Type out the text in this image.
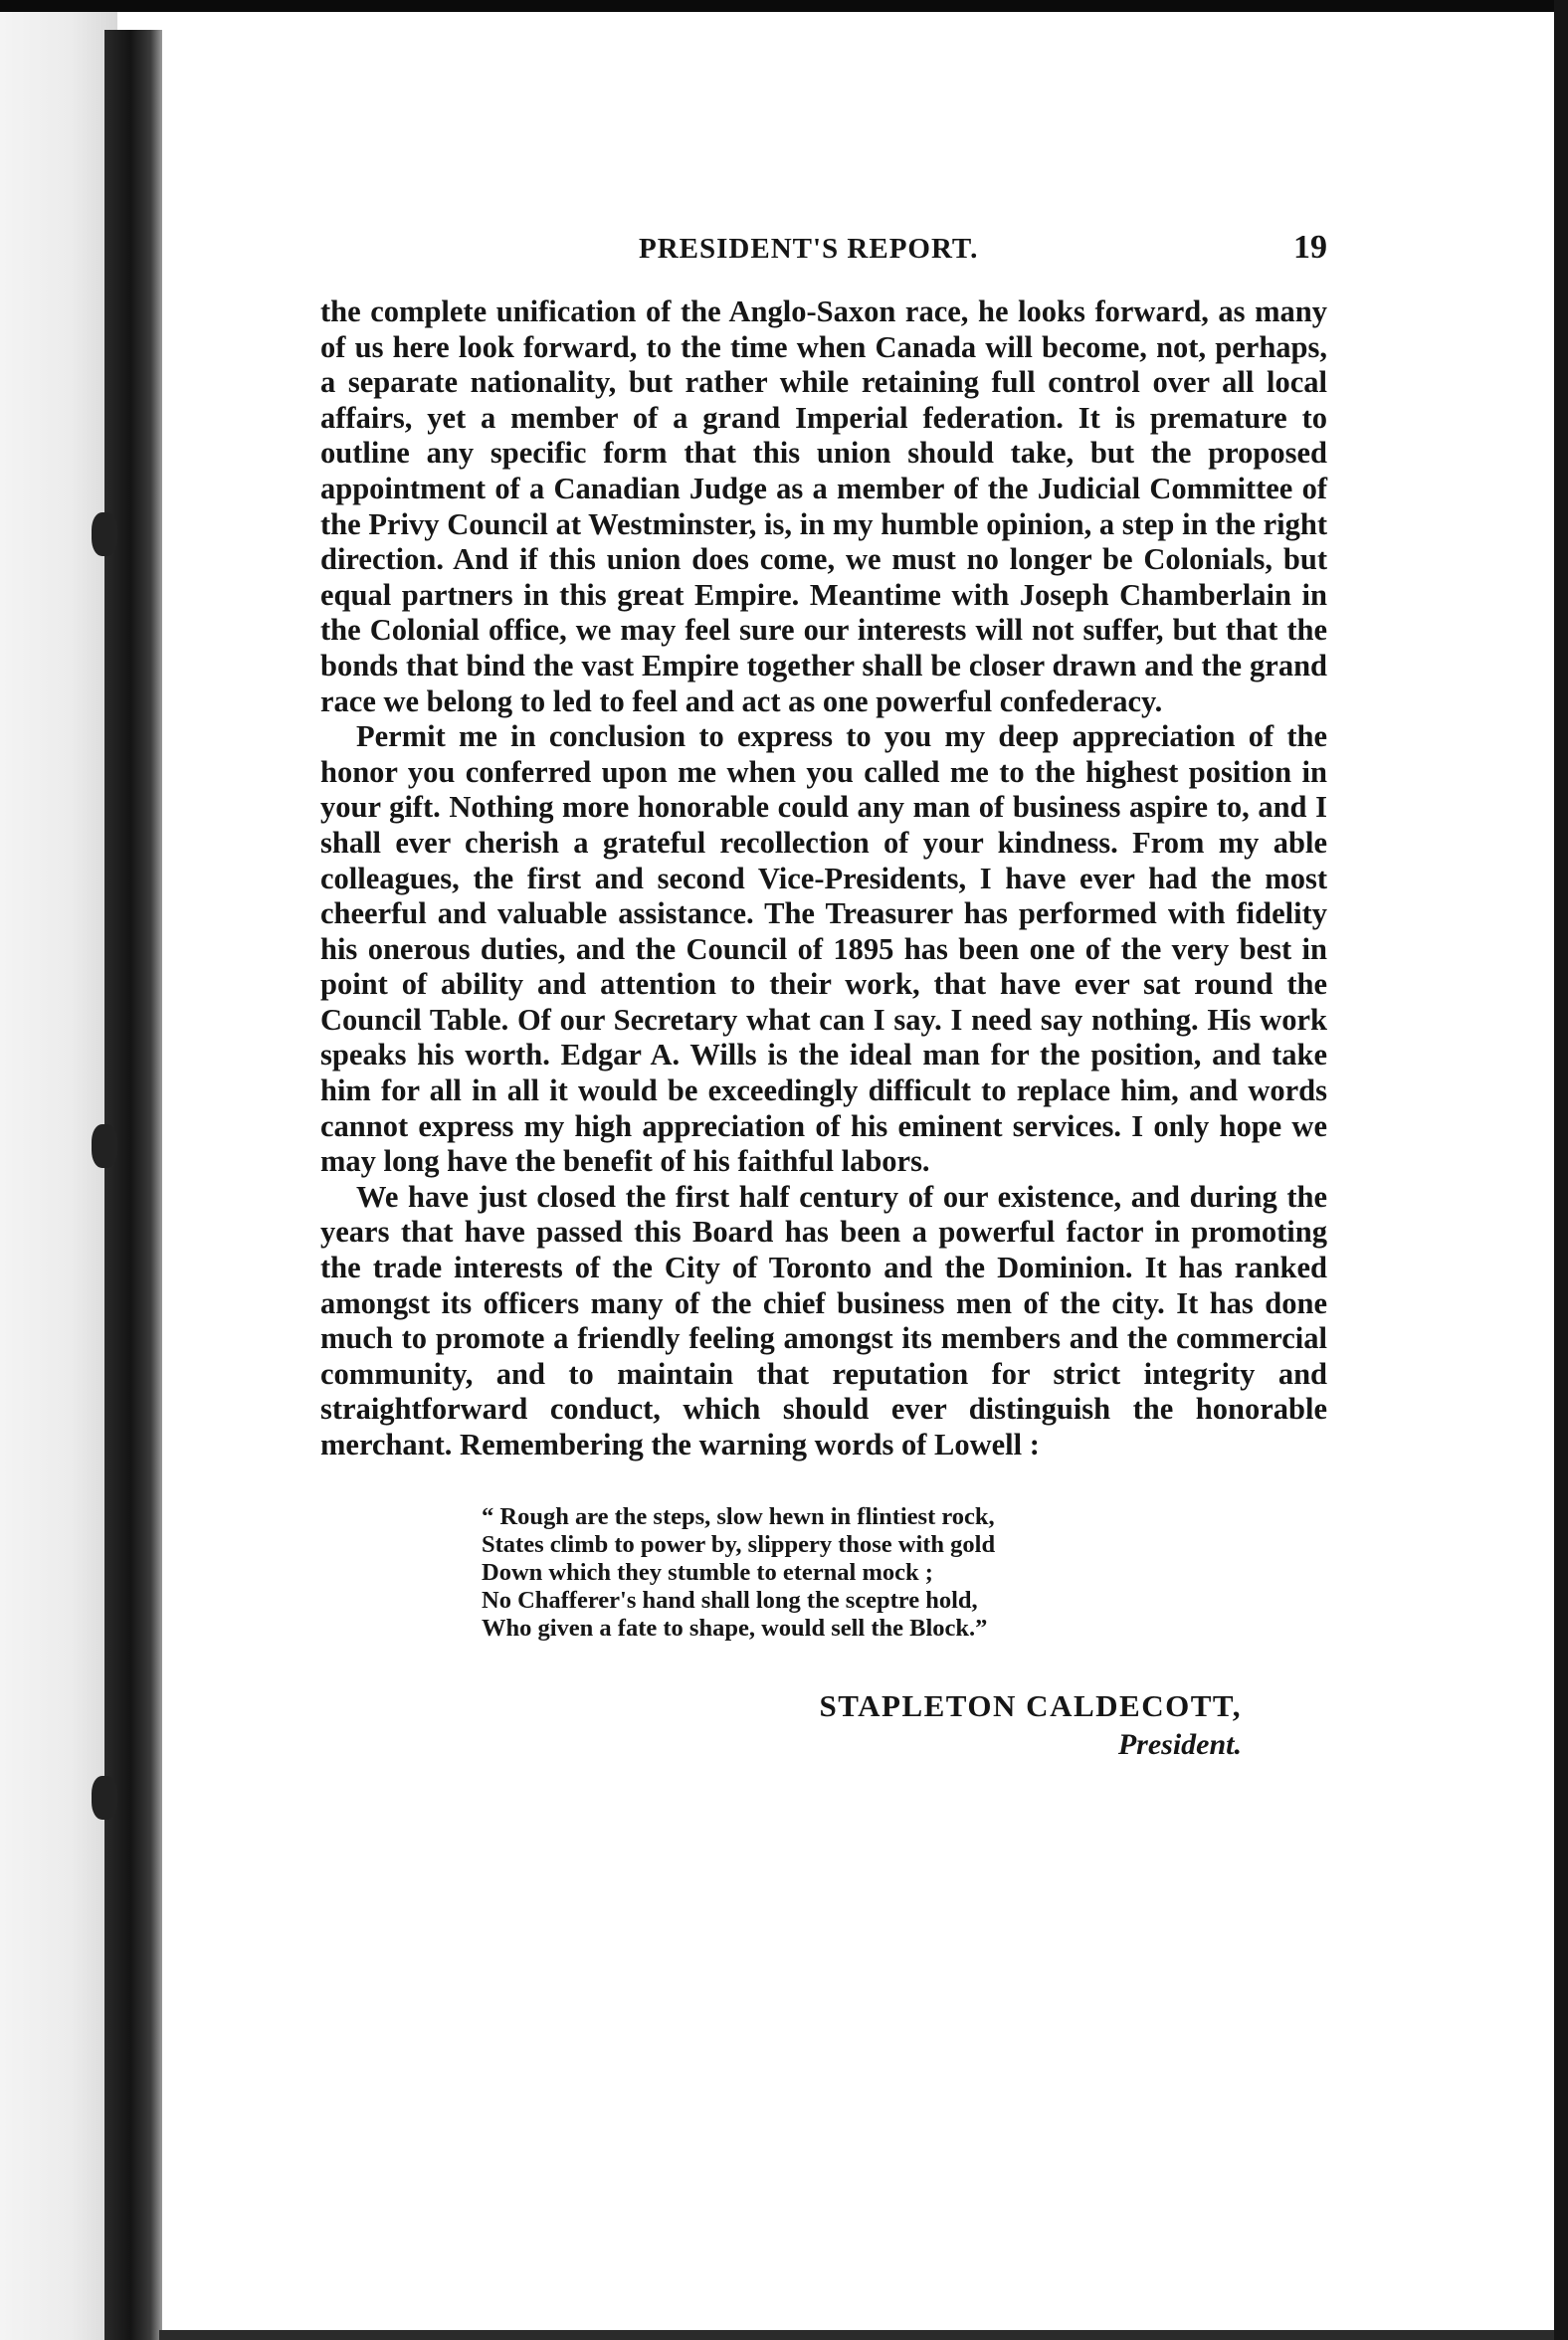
PRESIDENT'S REPORT.	19

the complete unification of the Anglo-Saxon race, he looks forward, as many of us here look forward, to the time when Canada will become, not, perhaps, a separate nationality, but rather while retaining full control over all local affairs, yet a member of a grand Imperial federation. It is premature to outline any specific form that this union should take, but the proposed appointment of a Canadian Judge as a member of the Judicial Committee of the Privy Council at Westminster, is, in my humble opinion, a step in the right direction. And if this union does come, we must no longer be Colonials, but equal partners in this great Empire. Meantime with Joseph Chamberlain in the Colonial office, we may feel sure our interests will not suffer, but that the bonds that bind the vast Empire together shall be closer drawn and the grand race we belong to led to feel and act as one powerful confederacy.

Permit me in conclusion to express to you my deep appreciation of the honor you conferred upon me when you called me to the highest position in your gift. Nothing more honorable could any man of business aspire to, and I shall ever cherish a grateful recollection of your kindness. From my able colleagues, the first and second Vice-Presidents, I have ever had the most cheerful and valuable assistance. The Treasurer has performed with fidelity his onerous duties, and the Council of 1895 has been one of the very best in point of ability and attention to their work, that have ever sat round the Council Table. Of our Secretary what can I say. I need say nothing. His work speaks his worth. Edgar A. Wills is the ideal man for the position, and take him for all in all it would be exceedingly difficult to replace him, and words cannot express my high appreciation of his eminent services. I only hope we may long have the benefit of his faithful labors.

We have just closed the first half century of our existence, and during the years that have passed this Board has been a powerful factor in promoting the trade interests of the City of Toronto and the Dominion. It has ranked amongst its officers many of the chief business men of the city. It has done much to promote a friendly feeling amongst its members and the commercial community, and to maintain that reputation for strict integrity and straightforward conduct, which should ever distinguish the honorable merchant. Remembering the warning words of Lowell :

“ Rough are the steps, slow hewn in flintiest rock,
States climb to power by, slippery those with gold
Down which they stumble to eternal mock ;
No Chafferer's hand shall long the sceptre hold,
Who given a fate to shape, would sell the Block.”
STAPLETON CALDECOTT,
President.
